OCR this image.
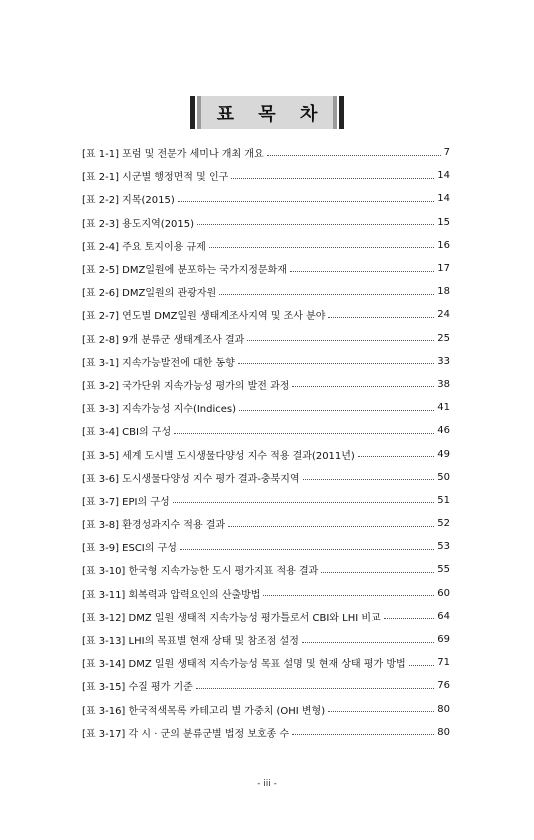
표 목 차
[표 1-1] 포럼 및 전문가 세미나 개최 개요	7
[표 2-1] 시군별 행정면적 및 인구	14
[표 2-2] 지목(2015)	14
[표 2-3] 용도지역(2015)	15
[표 2-4] 주요 토지이용 규제	16
[표 2-5] DMZ일원에 분포하는 국가지정문화재	17
[표 2-6] DMZ일원의 관광자원	18
[표 2-7] 연도별 DMZ일원 생태계조사지역 및 조사 분야	24
[표 2-8] 9개 분류군 생태계조사 결과	25
[표 3-1] 지속가능발전에 대한 동향	33
[표 3-2] 국가단위 지속가능성 평가의 발전 과정	38
[표 3-3] 지속가능성 지수(Indices)	41
[표 3-4] CBI의 구성	46
[표 3-5] 세계 도시별 도시생물다양성 지수 적용 결과(2011년)	49
[표 3-6] 도시생물다양성 지수 평가 결과-충북지역	50
[표 3-7] EPI의 구성	51
[표 3-8] 환경성과지수 적용 결과	52
[표 3-9] ESCI의 구성	53
[표 3-10] 한국형 지속가능한 도시 평가지표 적용 결과	55
[표 3-11] 회복력과 압력요인의 산출방법	60
[표 3-12] DMZ 일원 생태적 지속가능성 평가틀로서 CBI와 LHI 비교	64
[표 3-13] LHI의 목표별 현재 상태 및 참조점 설정	69
[표 3-14] DMZ 일원 생태적 지속가능성 목표 설명 및 현재 상태 평가 방법	71
[표 3-15] 수질 평가 기준	76
[표 3-16] 한국적색목록 카테고리 별 가중치 (OHI 변형)	80
[표 3-17] 각 시 · 군의 분류군별 법정 보호종 수	80
- iii -
